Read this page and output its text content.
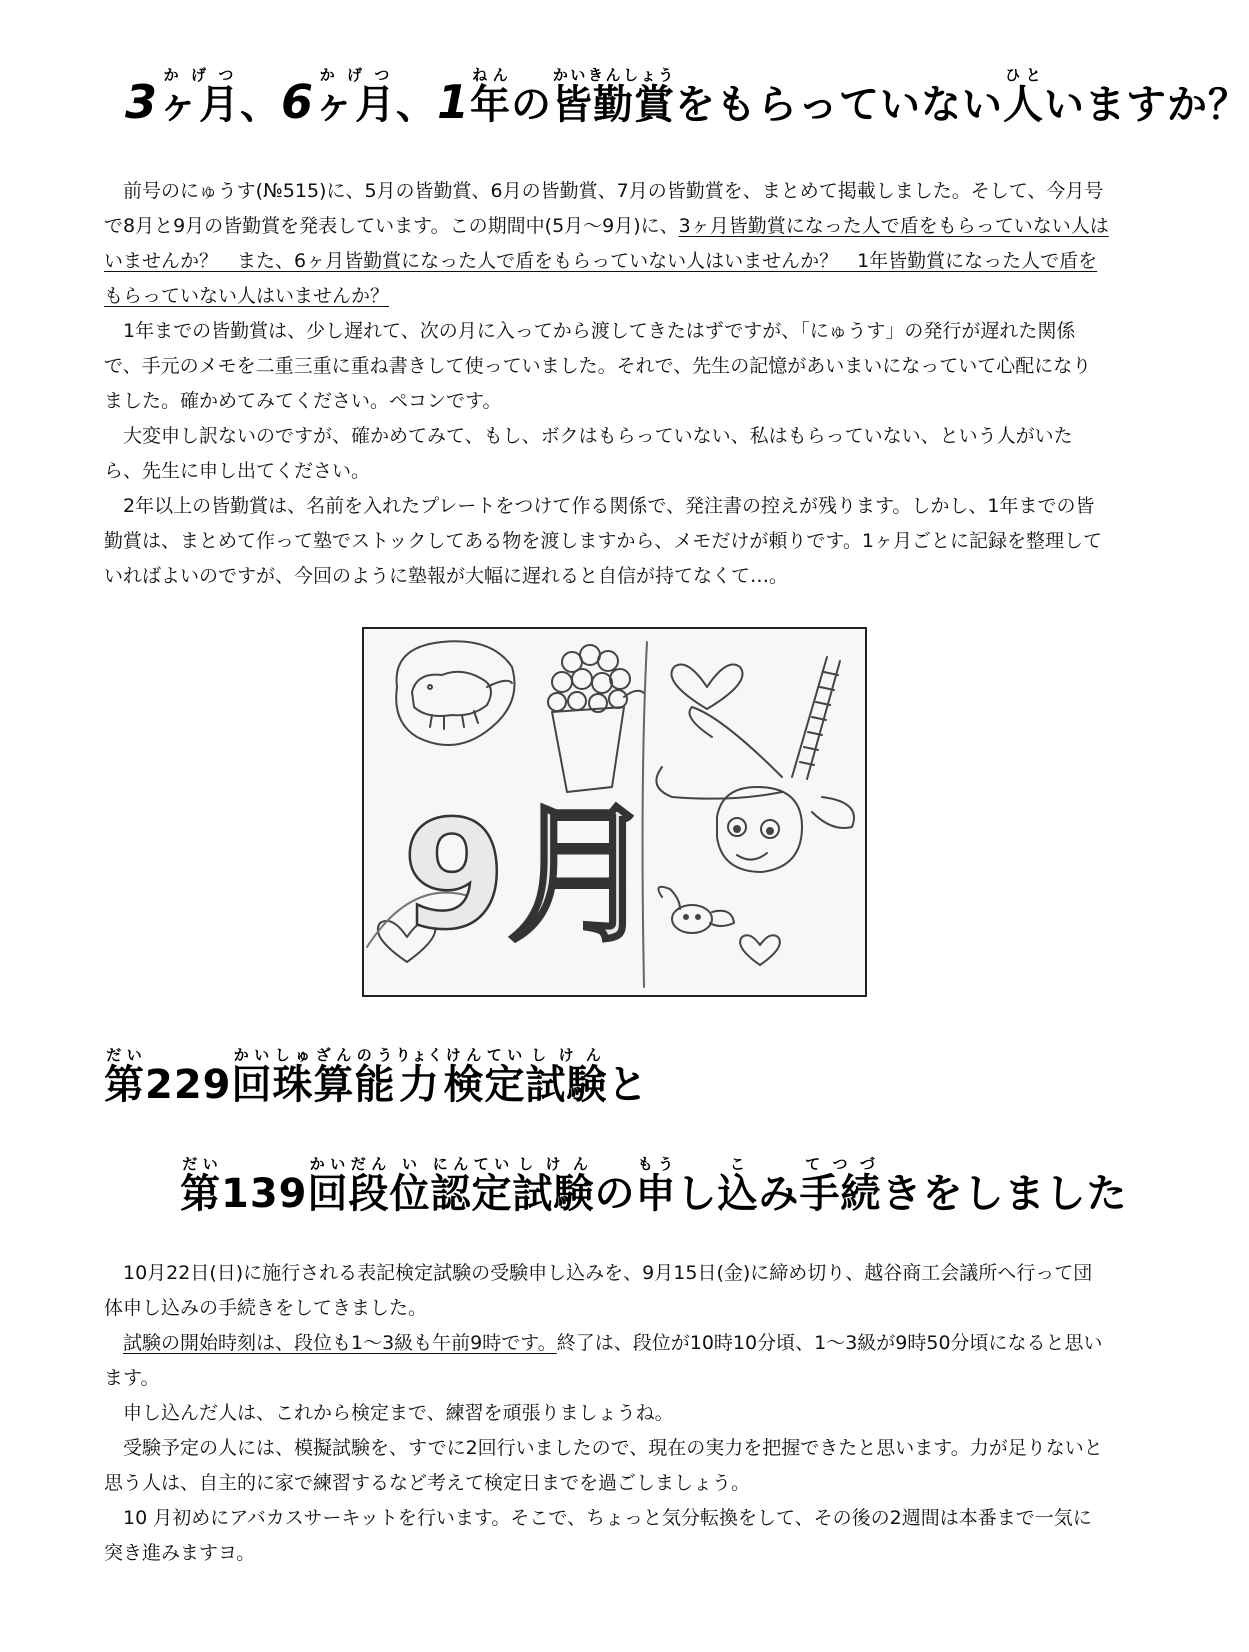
3ヶ月かげつ、6ヶ月かげつ、1年ねんの皆勤賞かいきんしょうをもらっていない人ひといますか？

前号のにゅうす(№515)に、5月の皆勤賞、6月の皆勤賞、7月の皆勤賞を、まとめて掲載しました。そして、今月号で8月と9月の皆勤賞を発表しています。この期間中(5月～9月)に、3ヶ月皆勤賞になった人で盾をもらっていない人はいませんか？　また、6ヶ月皆勤賞になった人で盾をもらっていない人はいませんか？　1年皆勤賞になった人で盾をもらっていない人はいませんか？

1年までの皆勤賞は、少し遅れて、次の月に入ってから渡してきたはずですが、「にゅうす」の発行が遅れた関係で、手元のメモを二重三重に重ね書きして使っていました。それで、先生の記憶があいまいになっていて心配になりました。確かめてみてください。ペコンです。

大変申し訳ないのですが、確かめてみて、もし、ボクはもらっていない、私はもらっていない、という人がいたら、先生に申し出てください。

2年以上の皆勤賞は、名前を入れたプレートをつけて作る関係で、発注書の控えが残ります。しかし、1年までの皆勤賞は、まとめて作って塾でストックしてある物を渡しますから、メモだけが頼りです。1ヶ月ごとに記録を整理していればよいのですが、今回のように塾報が大幅に遅れると自信が持てなくて…。

9月
第だい229回かい珠算しゅざん能のう力りょく検定けんてい試験しけんと
第だい139回かい段だん位い認定にんてい試験しけんの申もうし込こみ手続てつづきをしました

10月22日(日)に施行される表記検定試験の受験申し込みを、9月15日(金)に締め切り、越谷商工会議所へ行って団体申し込みの手続きをしてきました。

試験の開始時刻は、段位も1～3級も午前9時です。終了は、段位が10時10分頃、1～3級が9時50分頃になると思います。

申し込んだ人は、これから検定まで、練習を頑張りましょうね。

受験予定の人には、模擬試験を、すでに2回行いましたので、現在の実力を把握できたと思います。力が足りないと思う人は、自主的に家で練習するなど考えて検定日までを過ごしましょう。

10 月初めにアバカスサーキットを行います。そこで、ちょっと気分転換をして、その後の2週間は本番まで一気に突き進みますヨ。
